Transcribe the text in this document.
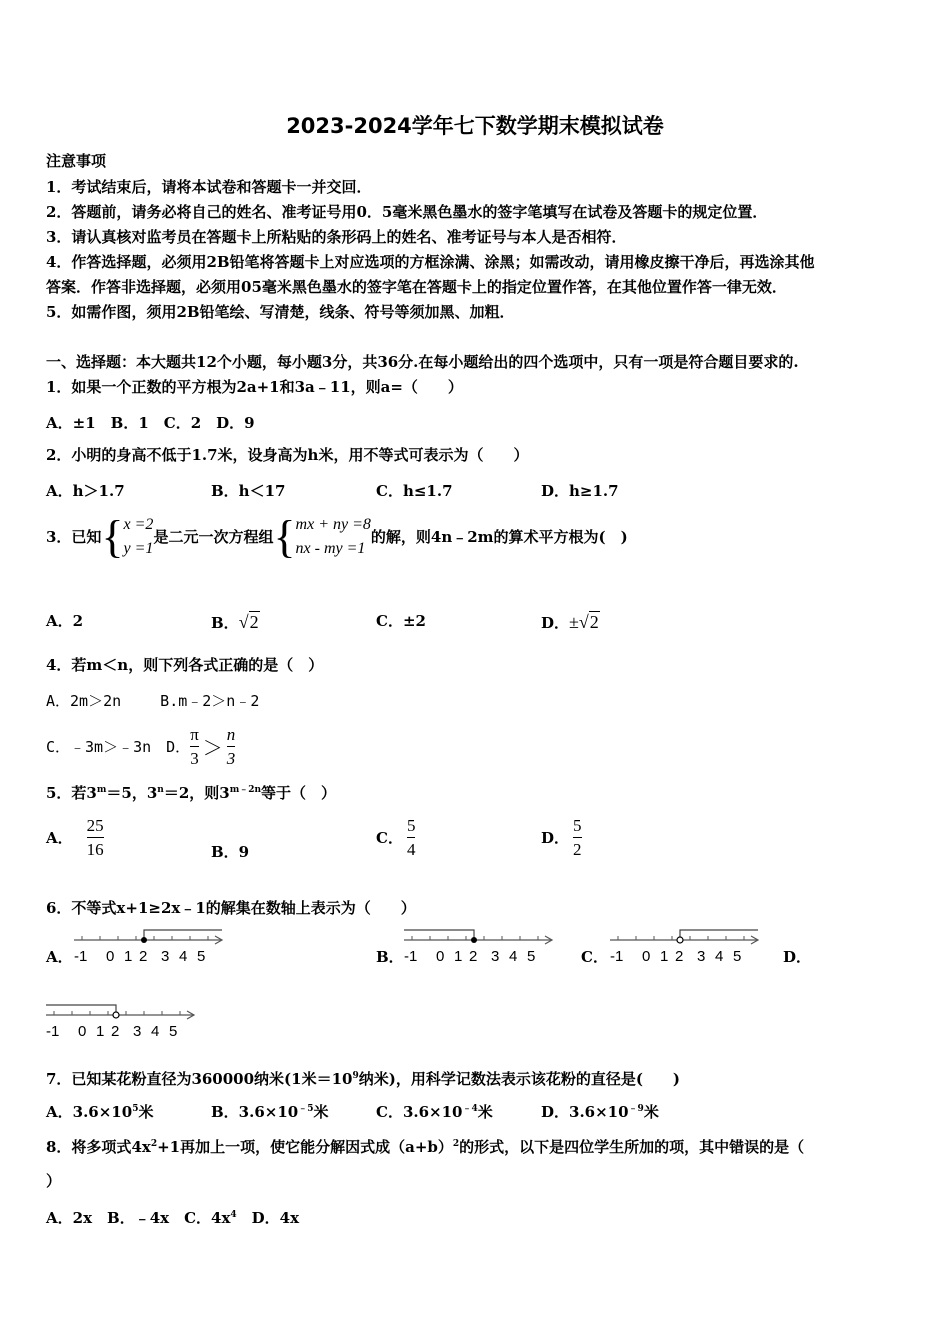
2023-2024学年七下数学期末模拟试卷
注意事项
1．考试结束后，请将本试卷和答题卡一并交回．
2．答题前，请务必将自己的姓名、准考证号用0．5毫米黑色墨水的签字笔填写在试卷及答题卡的规定位置．
3．请认真核对监考员在答题卡上所粘贴的条形码上的姓名、准考证号与本人是否相符．
4．作答选择题，必须用2B铅笔将答题卡上对应选项的方框涂满、涂黑；如需改动，请用橡皮擦干净后，再选涂其他
答案．作答非选择题，必须用05毫米黑色墨水的签字笔在答题卡上的指定位置作答，在其他位置作答一律无效．
5．如需作图，须用2B铅笔绘、写清楚，线条、符号等须加黑、加粗．
一、选择题：本大题共12个小题，每小题3分，共36分.在每小题给出的四个选项中，只有一项是符合题目要求的.
1．如果一个正数的平方根为2a+1和3a﹣11，则a=（　　）
A．±1　B．1　C．2　D．9
2．小明的身高不低于1.7米，设身高为h米，用不等式可表示为（　　）
A．h＞1.7	B．h＜17	C．h≤1.7	D．h≥1.7
3．已知 { x =2
y =1
是二元一次方程组 { mx + ny =8
nx - my =1
的解，则4n﹣2m的算术平方根为(　)
A．2	B． √2	C．±2	D． ±√2
4．若m＜n，则下列各式正确的是（　）
A．2m＞2n　　 B.m﹣2＞n﹣2
C．﹣3m＞﹣3n　D． $\frac{\pi}{3} > \frac{n}{3}$
5．若$3^m=5$，$3^n=2$，则$3^{m﹣2n}$等于（　）
A． $\frac{25}{16}$	B．9
C． $\frac{5}{4}$	D． $\frac{5}{2}$
6．不等式x+1≥2x﹣1的解集在数轴上表示为（　　）
A．	B．	C．	D．
-1 0 1 2 3 4 5	-1 0 1 2 3 4 5	-1 0 1 2 3 4 5
-1 0 1 2 3 4 5
7．已知某花粉直径为360000纳米(1米$=10^9$纳米)，用科学记数法表示该花粉的直径是(　　)
A．$3.6\times 10^5$米	B．$3.6\times 10^{﹣5}$米	C．$3.6\times 10^{﹣4}$米	D．$3.6\times 10^{﹣9}$米
8．将多项式$4x^2+1$再加上一项，使它能分解因式成$(a+b)^2$的形式，以下是四位学生所加的项，其中错误的是（
）
A．2x　B．﹣4x　C．$4x^4$　D．4x
